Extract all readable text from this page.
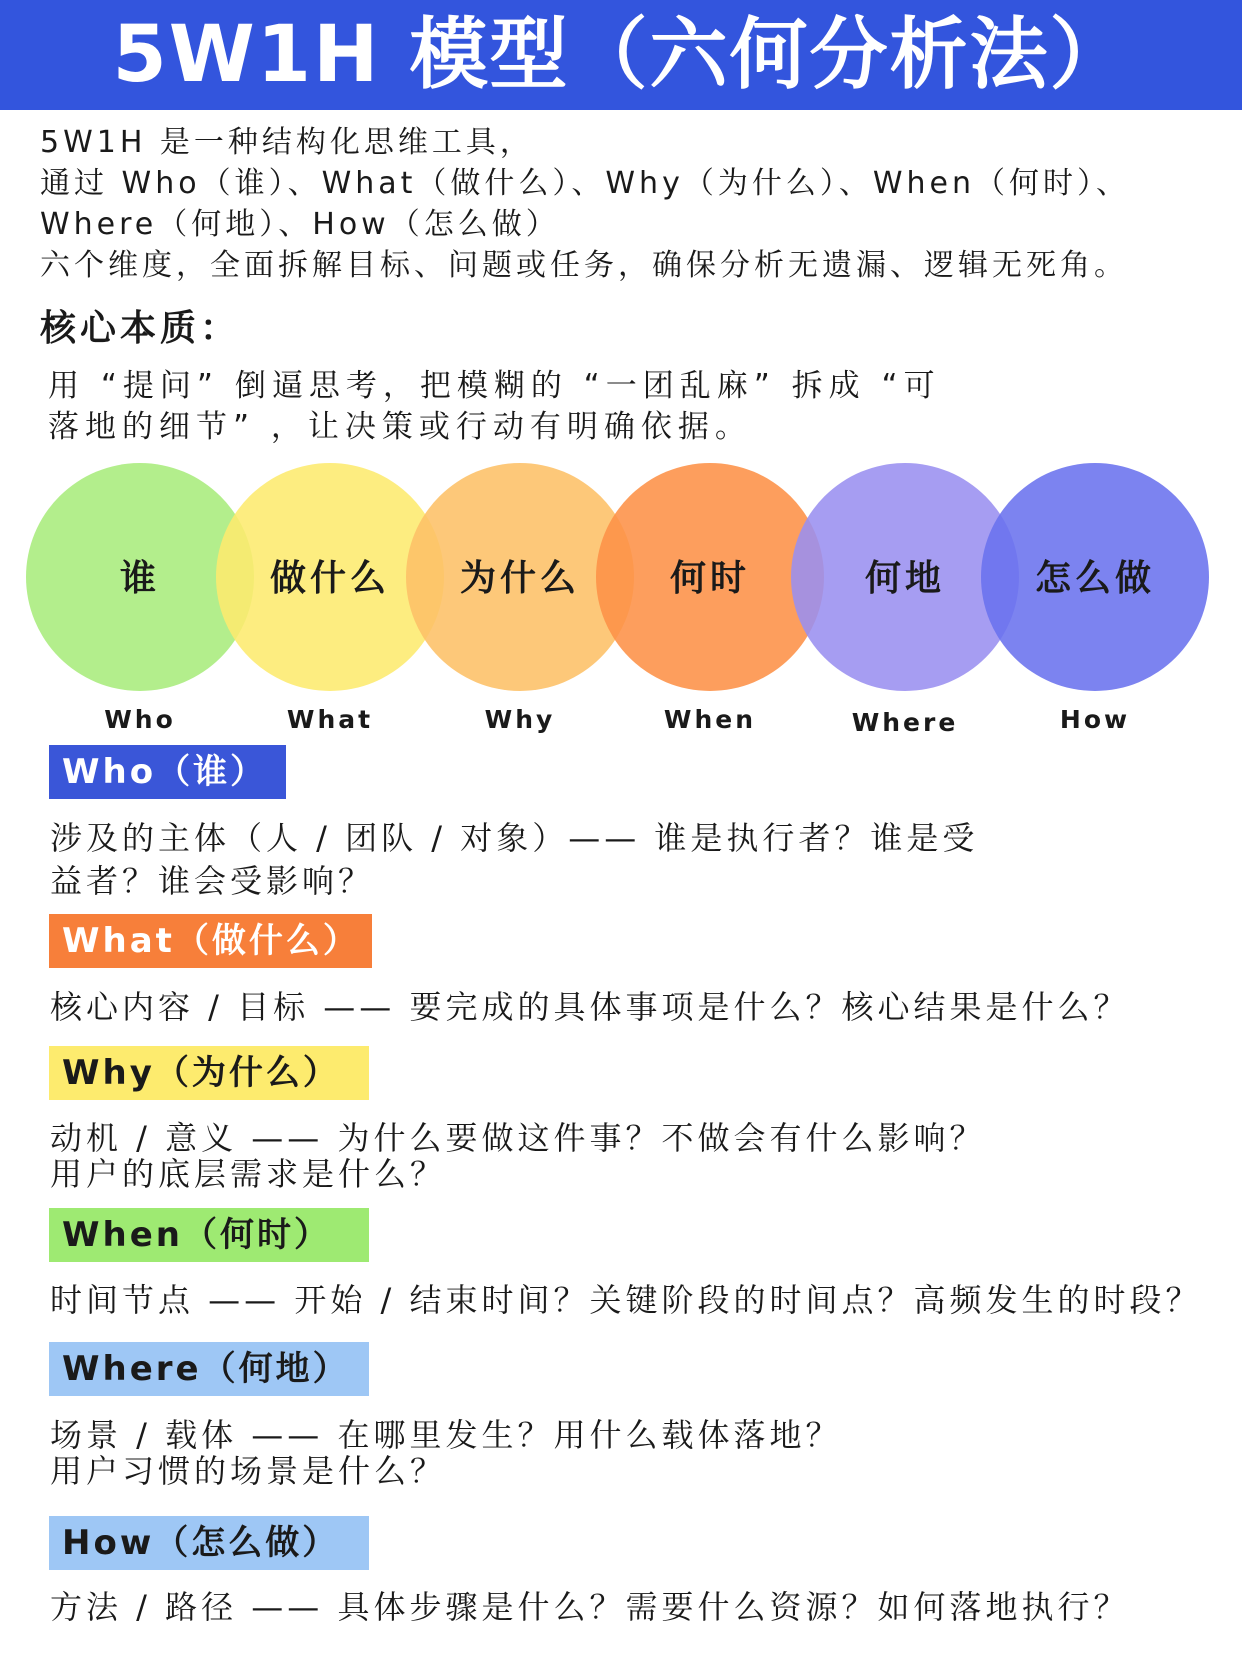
5W1H 模型（六何分析法）
5W1H 是一种结构化思维工具，
通过 Who（谁）、What（做什么）、Why（为什么）、When（何时）、
Where（何地）、How（怎么做）
六个维度，全面拆解目标、问题或任务，确保分析无遗漏、逻辑无死角。
核心本质：
用 “提问” 倒逼思考，把模糊的 “一团乱麻” 拆成 “可
落地的细节” ，让决策或行动有明确依据。
谁	做什么 为什么 何时	何地 怎么做
Who	What	Why	When	Where	How
Who（谁）
涉及的主体（人 / 团队 / 对象）—— 谁是执行者？谁是受
益者？谁会受影响？
What（做什么）
核心内容 / 目标 —— 要完成的具体事项是什么？核心结果是什么？
Why（为什么）
动机 / 意义 —— 为什么要做这件事？不做会有什么影响？
用户的底层需求是什么？
When（何时）
时间节点 —— 开始 / 结束时间？关键阶段的时间点？高频发生的时段？
Where（何地）
场景 / 载体 —— 在哪里发生？用什么载体落地？
用户习惯的场景是什么？
How（怎么做）
方法 / 路径 —— 具体步骤是什么？需要什么资源？如何落地执行？
